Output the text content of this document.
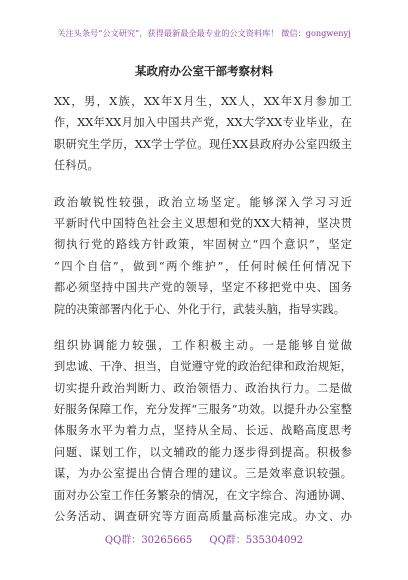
关注头条号“公文研究”，获得最新最全最专业的公文资料库！ 微信：gongwenyj
某政府办公室干部考察材料
XX，男，X族，XX年X月生，XX人，XX年X月参加工
作，XX年XX月加入中国共产党，XX大学XX专业毕业，在
职研究生学历，XX学士学位。现任XX县政府办公室四级主
任科员。
政治敏锐性较强，政治立场坚定。能够深入学习习近
平新时代中国特色社会主义思想和党的XX大精神，坚决贯
彻执行党的路线方针政策，牢固树立“四个意识”，坚定
“四个自信”，做到“两个维护”，任何时候任何情况下
都必须坚持中国共产党的领导，坚定不移把党中央、国务
院的决策部署内化于心、外化于行，武装头脑，指导实践。
组织协调能力较强，工作积极主动。一是能够自觉做
到忠诚、干净、担当，自觉遵守党的政治纪律和政治规矩，
切实提升政治判断力、政治领悟力、政治执行力。二是做
好服务保障工作，充分发挥“三服务”功效。以提升办公室整
体服务水平为着力点，坚持从全局、长远、战略高度思考
问题、谋划工作，以文辅政的能力逐步得到提高。积极参
谋，为办公室提出合情合理的建议。三是效率意识较强。
面对办公室工作任务繁杂的情况，在文字综合、沟通协调、
公务活动、调查研究等方面高质量高标准完成。办文、办
QQ群：30265665 QQ群：535304092
